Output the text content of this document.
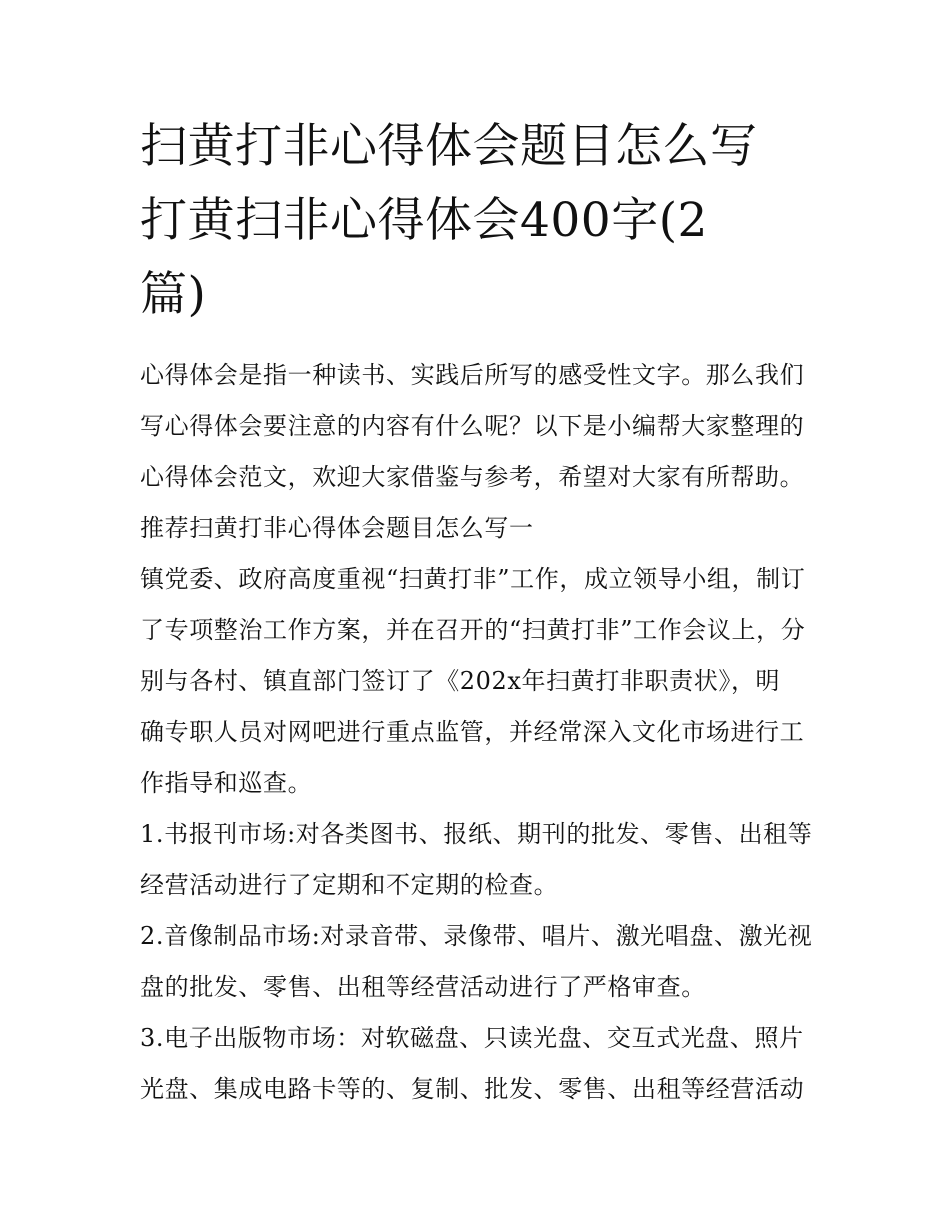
扫黄打非心得体会题目怎么写
打黄扫非心得体会400字(2
篇)

心得体会是指一种读书、实践后所写的感受性文字。那么我们
写心得体会要注意的内容有什么呢？以下是小编帮大家整理的
心得体会范文，欢迎大家借鉴与参考，希望对大家有所帮助。

推荐扫黄打非心得体会题目怎么写一

镇党委、政府高度重视“扫黄打非”工作，成立领导小组，制订
了专项整治工作方案，并在召开的“扫黄打非”工作会议上，分
别与各村、镇直部门签订了《202x年扫黄打非职责状》，明
确专职人员对网吧进行重点监管，并经常深入文化市场进行工
作指导和巡查。

1.书报刊市场:对各类图书、报纸、期刊的批发、零售、出租等
经营活动进行了定期和不定期的检查。

2.音像制品市场:对录音带、录像带、唱片、激光唱盘、激光视
盘的批发、零售、出租等经营活动进行了严格审查。

3.电子出版物市场：对软磁盘、只读光盘、交互式光盘、照片
光盘、集成电路卡等的、复制、批发、零售、出租等经营活动
